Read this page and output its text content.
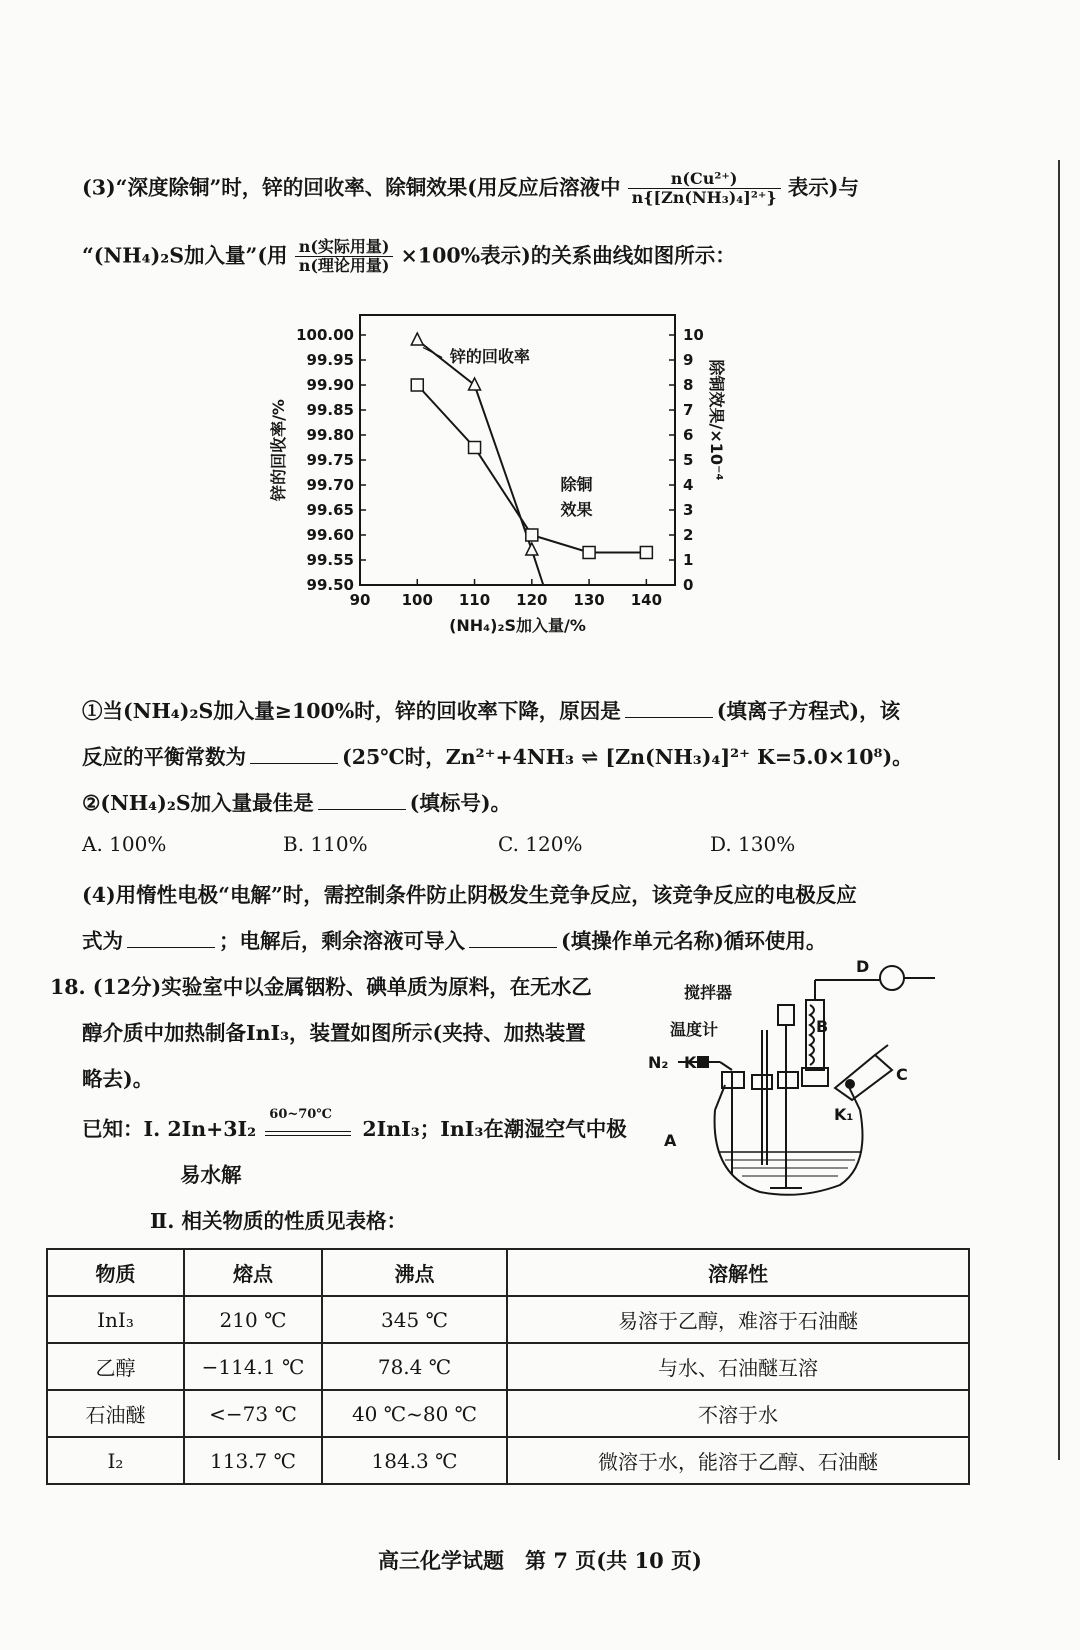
(3)“深度除铜”时，锌的回收率、除铜效果(用反应后溶液中 $\frac{\text{n(Cu²⁺)}}{\text{n\{[Zn(NH₃)₄]²⁺\}}}$ 表示)与
“(NH₄)₂S加入量”(用 $\frac{\text{n(实际用量)}}{\text{n(理论用量)}} \times 100\%$表示)的关系曲线如图所示：
100.00
99.95
99.90
99.85
99.80
99.75
99.70
99.65
99.60
99.55
99.50
10
9
8
7
6
5
4
3
2
1
0
90 100 110 120 130 140
锌的回收率
除铜
效果
(NH₄)₂S加入量/%
锌的回收率/%	除铜效果/×10⁻⁴
①当(NH₄)₂S加入量≥100%时，锌的回收率下降，原因是	(填离子方程式)，该
反应的平衡常数为	(25℃时，Zn²⁺+4NH₃ ⇌ [Zn(NH₃)₄]²⁺ K=5.0×10⁸)。
②(NH₄)₂S加入量最佳是	(填标号)。
A. 100%	B. 110%	C. 120%	D. 130%
(4)用惰性电极“电解”时，需控制条件防止阴极发生竞争反应，该竞争反应的电极反应
式为	；电解后，剩余溶液可导入	(填操作单元名称)循环使用。
18. (12分)实验室中以金属铟粉、碘单质为原料，在无水乙
醇介质中加热制备InI₃，装置如图所示(夹持、加热装置
略去)。
已知：Ⅰ. 2In+3I₂
60~70℃
2InI₃；InI₃在潮湿空气中极
易水解
Ⅱ. 相关物质的性质见表格：
搅拌器
温度计
N₂ K₂
A
B
C
D
K₁
物质	熔点	沸点	溶解性
InI₃	210 ℃	345 ℃	易溶于乙醇，难溶于石油醚
乙醇	−114.1 ℃	78.4 ℃	与水、石油醚互溶
石油醚	<−73 ℃	40 ℃~80 ℃	不溶于水
I₂	113.7 ℃	184.3 ℃	微溶于水，能溶于乙醇、石油醚
高三化学试题　第 7 页(共 10 页)
